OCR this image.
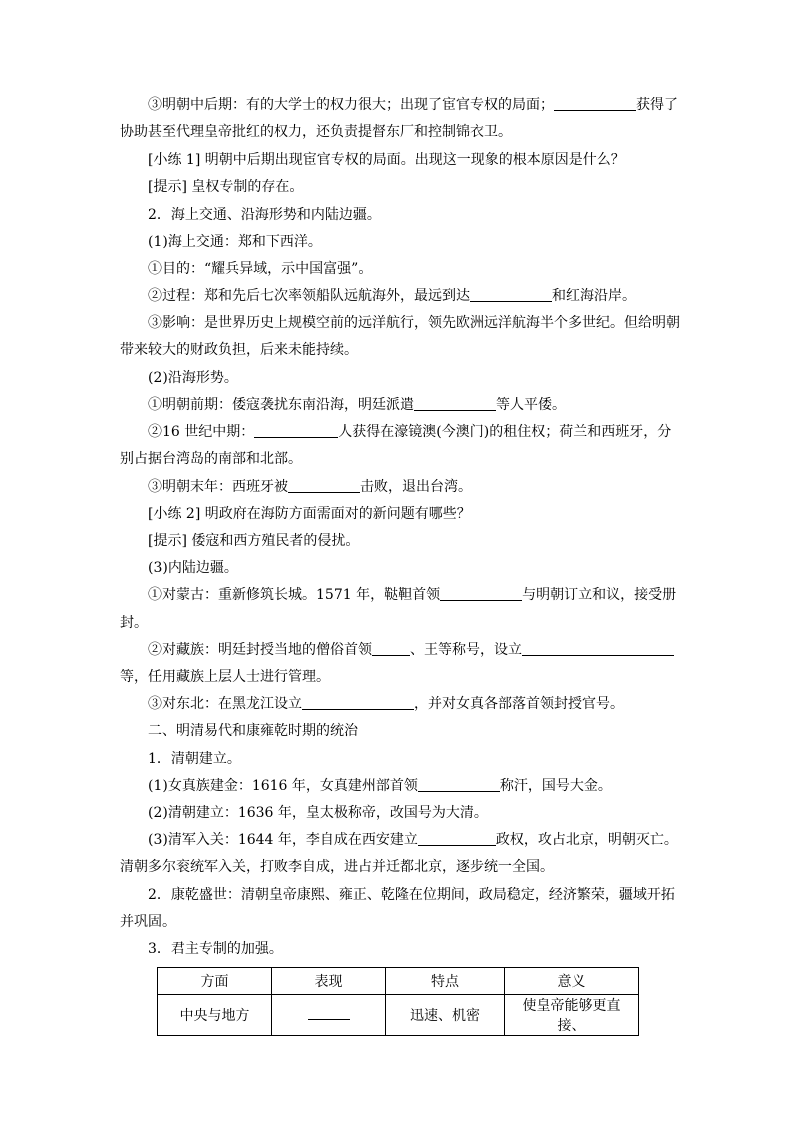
③明朝中后期：有的大学士的权力很大；出现了宦官专权的局面；	获得了
协助甚至代理皇帝批红的权力，还负责提督东厂和控制锦衣卫。
[小练 1] 明朝中后期出现宦官专权的局面。出现这一现象的根本原因是什么？
[提示] 皇权专制的存在。
2．海上交通、沿海形势和内陆边疆。
(1)海上交通：郑和下西洋。
①目的：“耀兵异域，示中国富强”。
②过程：郑和先后七次率领船队远航海外，最远到达	和红海沿岸。
③影响：是世界历史上规模空前的远洋航行，领先欧洲远洋航海半个多世纪。但给明朝
带来较大的财政负担，后来未能持续。
(2)沿海形势。
①明朝前期：倭寇袭扰东南沿海，明廷派遣	等人平倭。
②16 世纪中期：	人获得在濠镜澳(今澳门)的租住权；荷兰和西班牙，分
别占据台湾岛的南部和北部。
③明朝末年：西班牙被	击败，退出台湾。
[小练 2] 明政府在海防方面需面对的新问题有哪些？
[提示] 倭寇和西方殖民者的侵扰。
(3)内陆边疆。
①对蒙古：重新修筑长城。1571 年，鞑靼首领	与明朝订立和议，接受册
封。
②对藏族：明廷封授当地的僧俗首领	、王等称号，设立
等，任用藏族上层人士进行管理。
③对东北：在黑龙江设立	，并对女真各部落首领封授官号。
二、明清易代和康雍乾时期的统治
1．清朝建立。
(1)女真族建金：1616 年，女真建州部首领	称汗，国号大金。
(2)清朝建立：1636 年，皇太极称帝，改国号为大清。
(3)清军入关：1644 年，李自成在西安建立	政权，攻占北京，明朝灭亡。
清朝多尔衮统军入关，打败李自成，进占并迁都北京，逐步统一全国。
2．康乾盛世：清朝皇帝康熙、雍正、乾隆在位期间，政局稳定，经济繁荣，疆域开拓
并巩固。
3．君主专制的加强。
方面	表现	特点	意义
中央与地方		迅速、机密	使皇帝能够更直接、
